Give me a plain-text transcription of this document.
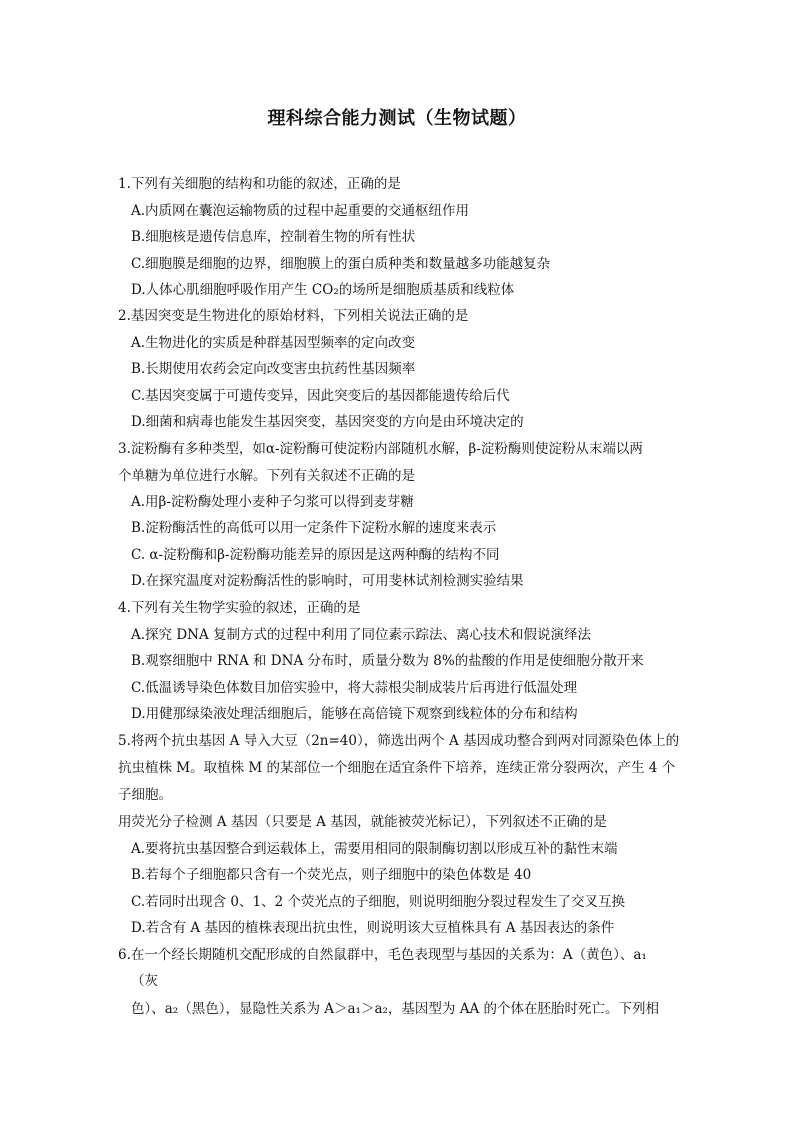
理科综合能力测试（生物试题）
1.下列有关细胞的结构和功能的叙述，正确的是
A.内质网在囊泡运输物质的过程中起重要的交通枢纽作用
B.细胞核是遗传信息库，控制着生物的所有性状
C.细胞膜是细胞的边界，细胞膜上的蛋白质种类和数量越多功能越复杂
D.人体心肌细胞呼吸作用产生 CO₂的场所是细胞质基质和线粒体
2.基因突变是生物进化的原始材料，下列相关说法正确的是
A.生物进化的实质是种群基因型频率的定向改变
B.长期使用农药会定向改变害虫抗药性基因频率
C.基因突变属于可遗传变异，因此突变后的基因都能遗传给后代
D.细菌和病毒也能发生基因突变，基因突变的方向是由环境决定的
3.淀粉酶有多种类型，如α-淀粉酶可使淀粉内部随机水解，β-淀粉酶则使淀粉从末端以两
个单糖为单位进行水解。下列有关叙述不正确的是
A.用β-淀粉酶处理小麦种子匀浆可以得到麦芽糖
B.淀粉酶活性的高低可以用一定条件下淀粉水解的速度来表示
C. α-淀粉酶和β-淀粉酶功能差异的原因是这两种酶的结构不同
D.在探究温度对淀粉酶活性的影响时，可用斐林试剂检测实验结果
4.下列有关生物学实验的叙述，正确的是
A.探究 DNA 复制方式的过程中利用了同位素示踪法、离心技术和假说演绎法
B.观察细胞中 RNA 和 DNA 分布时，质量分数为 8%的盐酸的作用是使细胞分散开来
C.低温诱导染色体数目加倍实验中，将大蒜根尖制成装片后再进行低温处理
D.用健那绿染液处理活细胞后，能够在高倍镜下观察到线粒体的分布和结构
5.将两个抗虫基因 A 导入大豆（2n=40），筛选出两个 A 基因成功整合到两对同源染色体上的
抗虫植株 M。取植株 M 的某部位一个细胞在适宜条件下培养，连续正常分裂两次，产生 4 个
子细胞。
用荧光分子检测 A 基因（只要是 A 基因，就能被荧光标记），下列叙述不正确的是
A.要将抗虫基因整合到运载体上，需要用相同的限制酶切割以形成互补的黏性末端
B.若每个子细胞都只含有一个荧光点，则子细胞中的染色体数是 40
C.若同时出现含 0、1、2 个荧光点的子细胞，则说明细胞分裂过程发生了交叉互换
D.若含有 A 基因的植株表现出抗虫性，则说明该大豆植株具有 A 基因表达的条件
6.在一个经长期随机交配形成的自然鼠群中，毛色表现型与基因的关系为：A（黄色）、a₁
（灰
色）、a₂（黑色），显隐性关系为 A＞a₁＞a₂，基因型为 AA 的个体在胚胎时死亡。下列相
